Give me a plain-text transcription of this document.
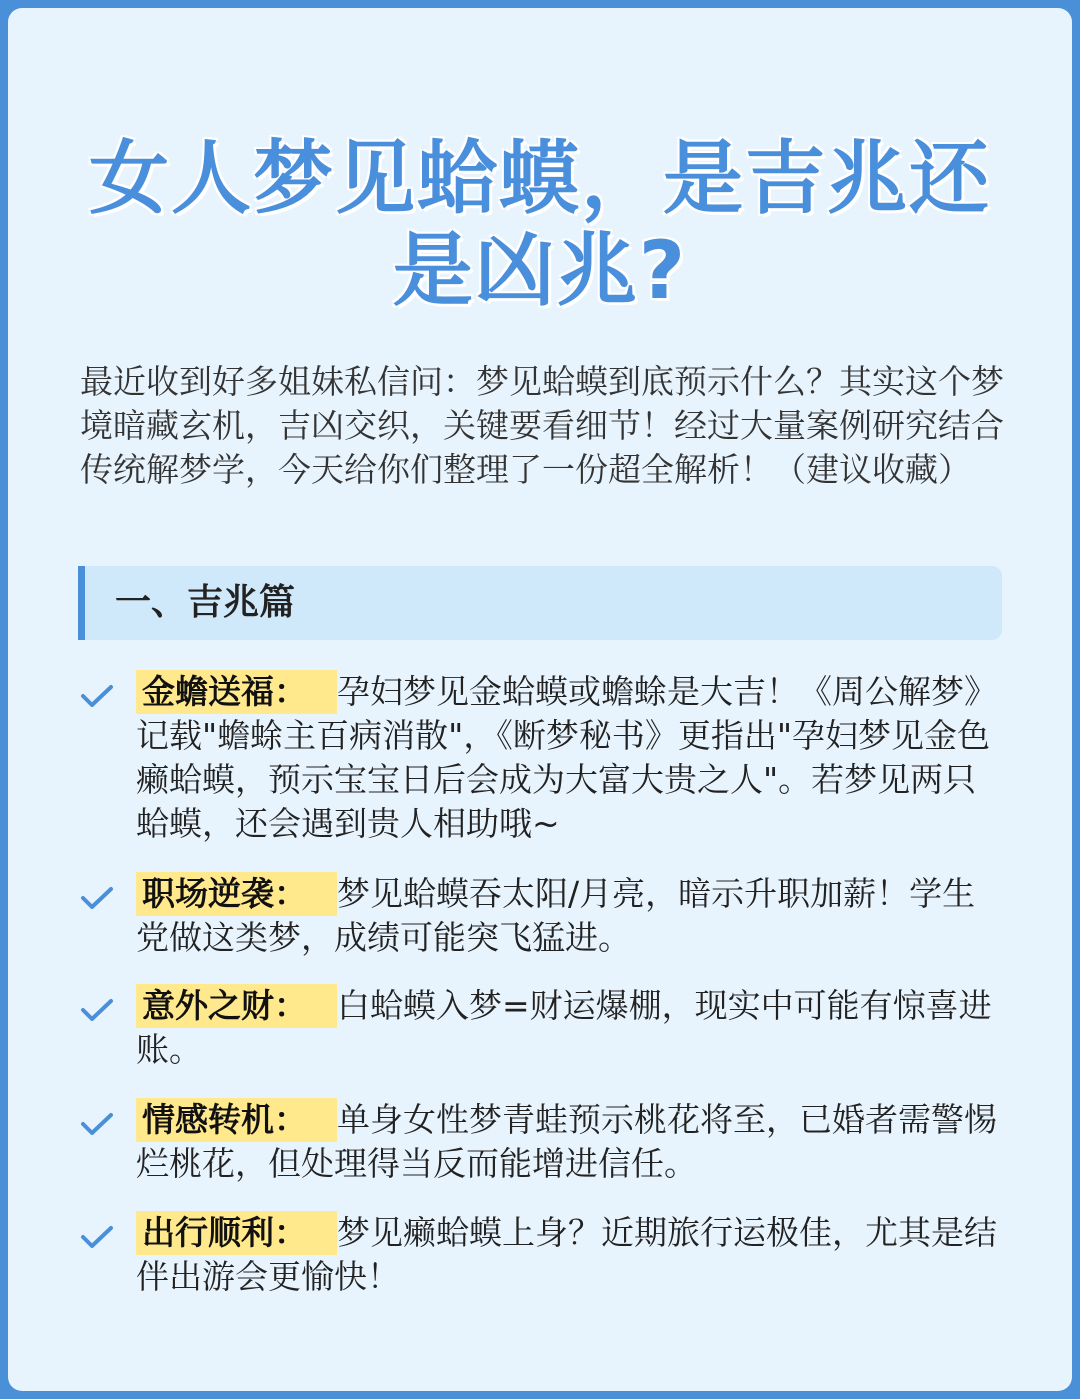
女人梦见蛤蟆，是吉兆还
是凶兆?

最近收到好多姐妹私信问：梦见蛤蟆到底预示什么？其实这个梦境暗藏玄机，吉凶交织，关键要看细节！经过大量案例研究结合传统解梦学，今天给你们整理了一份超全解析！（建议收藏）

一、吉兆篇

金蟾送福： 孕妇梦见金蛤蟆或蟾蜍是大吉！《周公解梦》记载"蟾蜍主百病消散"，《断梦秘书》更指出"孕妇梦见金色癞蛤蟆，预示宝宝日后会成为大富大贵之人"。若梦见两只蛤蟆，还会遇到贵人相助哦~

职场逆袭： 梦见蛤蟆吞太阳/月亮，暗示升职加薪！学生党做这类梦，成绩可能突飞猛进。

意外之财： 白蛤蟆入梦=财运爆棚，现实中可能有惊喜进账。

情感转机： 单身女性梦青蛙预示桃花将至，已婚者需警惕烂桃花，但处理得当反而能增进信任。

出行顺利： 梦见癞蛤蟆上身？近期旅行运极佳，尤其是结伴出游会更愉快！
